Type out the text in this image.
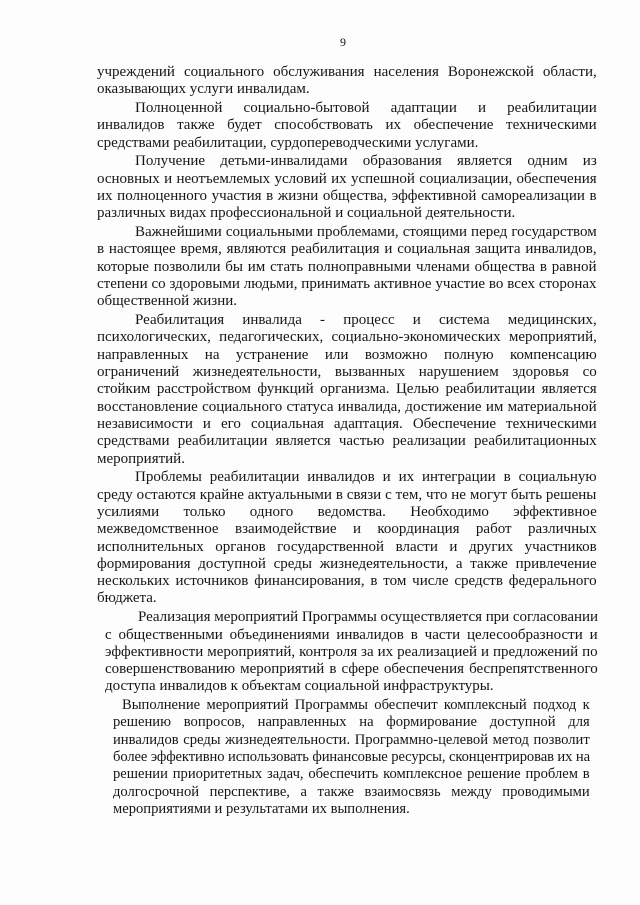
9
учреждений социального обслуживания населения Воронежской области,
оказывающих услуги инвалидам.
Полноценной социально-бытовой адаптации и реабилитации
инвалидов также будет способствовать их обеспечение техническими
средствами реабилитации, сурдопереводческими услугами.
Получение детьми-инвалидами образования является одним из
основных и неотъемлемых условий их успешной социализации, обеспечения
их полноценного участия в жизни общества, эффективной самореализации в
различных видах профессиональной и социальной деятельности.
Важнейшими социальными проблемами, стоящими перед государством
в настоящее время, являются реабилитация и социальная защита инвалидов,
которые позволили бы им стать полноправными членами общества в равной
степени со здоровыми людьми, принимать активное участие во всех сторонах
общественной жизни.
Реабилитация инвалида - процесс и система медицинских,
психологических, педагогических, социально-экономических мероприятий,
направленных на устранение или возможно полную компенсацию
ограничений жизнедеятельности, вызванных нарушением здоровья со
стойким расстройством функций организма. Целью реабилитации является
восстановление социального статуса инвалида, достижение им материальной
независимости и его социальная адаптация. Обеспечение техническими
средствами реабилитации является частью реализации реабилитационных
мероприятий.
Проблемы реабилитации инвалидов и их интеграции в социальную
среду остаются крайне актуальными в связи с тем, что не могут быть решены
усилиями только одного ведомства. Необходимо эффективное
межведомственное взаимодействие и координация работ различных
исполнительных органов государственной власти и других участников
формирования доступной среды жизнедеятельности, а также привлечение
нескольких источников финансирования, в том числе средств федерального
бюджета.
Реализация мероприятий Программы осуществляется при согласовании
с общественными объединениями инвалидов в части целесообразности и
эффективности мероприятий, контроля за их реализацией и предложений по
совершенствованию мероприятий в сфере обеспечения беспрепятственного
доступа инвалидов к объектам социальной инфраструктуры.
Выполнение мероприятий Программы обеспечит комплексный подход к
решению вопросов, направленных на формирование доступной для
инвалидов среды жизнедеятельности. Программно-целевой метод позволит
более эффективно использовать финансовые ресурсы, сконцентрировав их на
решении приоритетных задач, обеспечить комплексное решение проблем в
долгосрочной перспективе, а также взаимосвязь между проводимыми
мероприятиями и результатами их выполнения.
